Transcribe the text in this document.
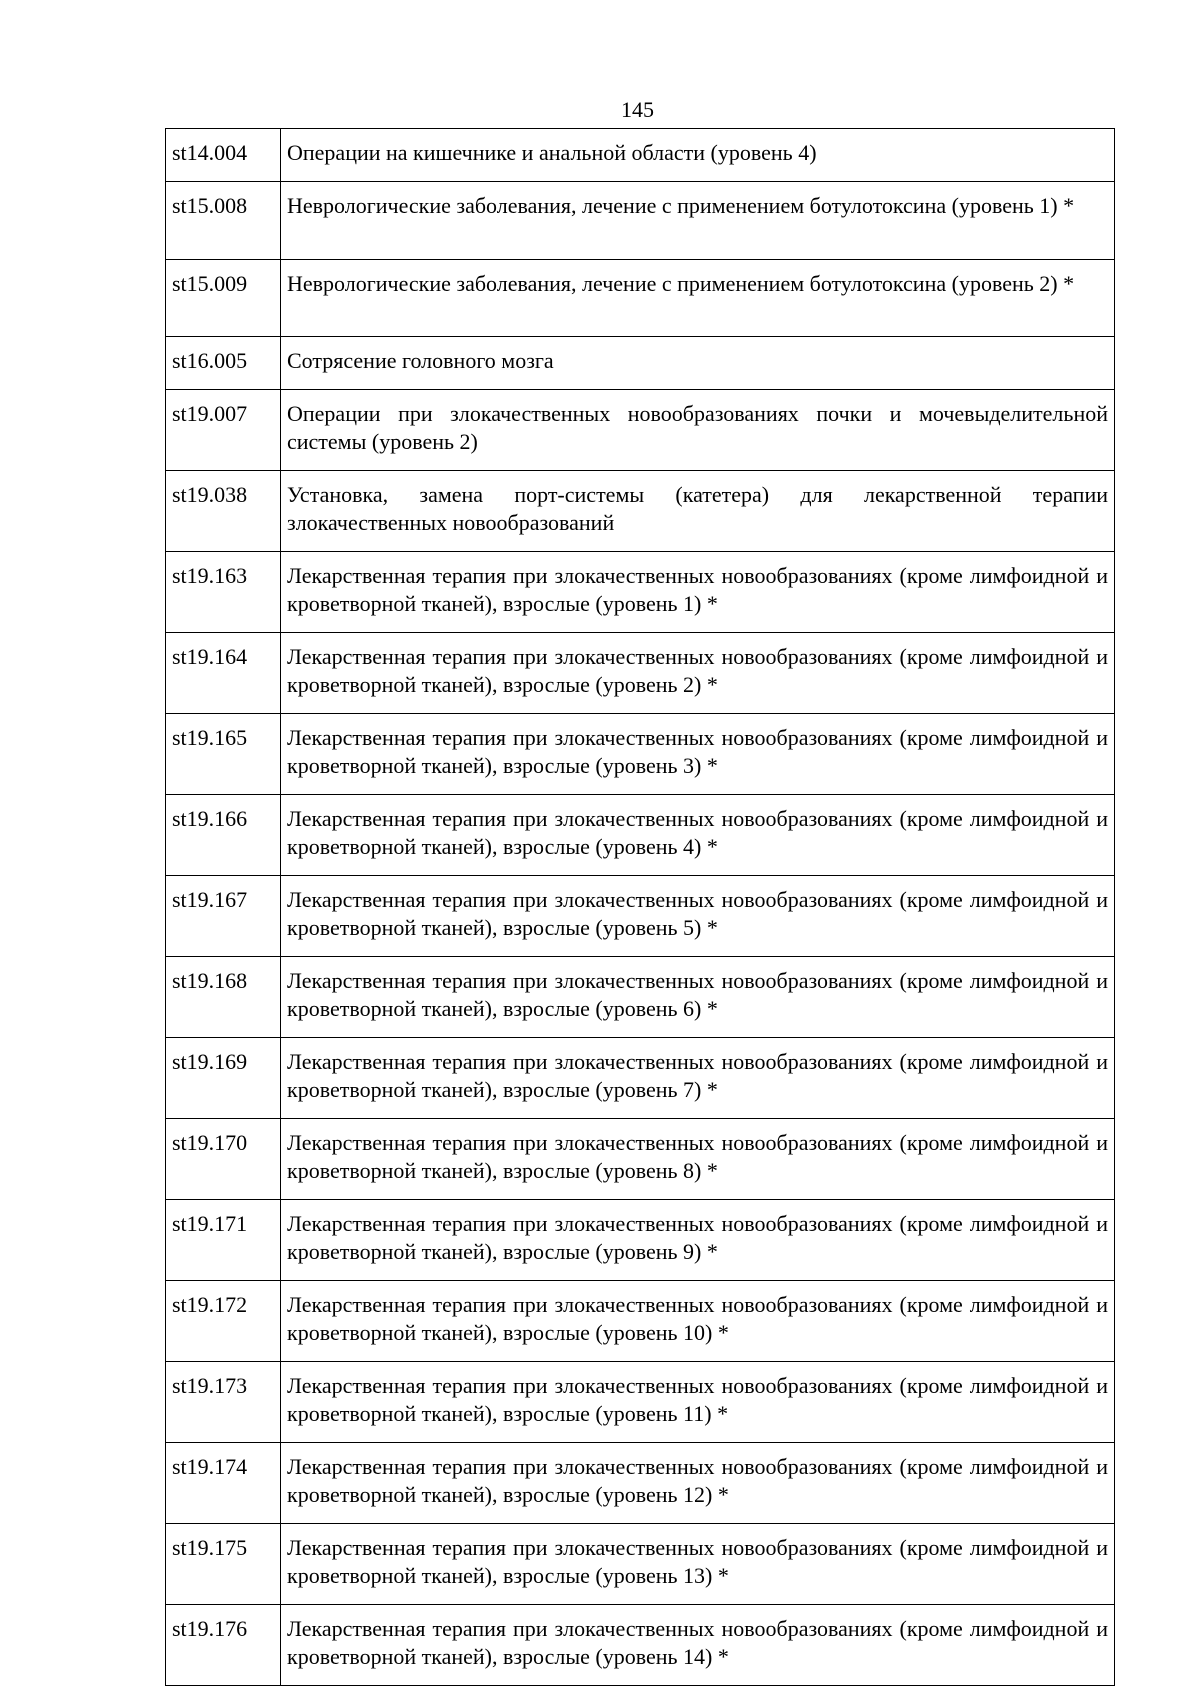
145
st14.004	Операции на кишечнике и анальной области (уровень 4)
st15.008	Неврологические заболевания, лечение с применением ботулотоксина (уровень 1) *
st15.009	Неврологические заболевания, лечение с применением ботулотоксина (уровень 2) *
st16.005	Сотрясение головного мозга
st19.007	Операции при злокачественных новообразованиях почки и мочевыделительной системы (уровень 2)
st19.038	Установка, замена порт-системы (катетера) для лекарственной терапии злокачественных новообразований
st19.163	Лекарственная терапия при злокачественных новообразованиях (кроме лимфоидной и кроветворной тканей), взрослые (уровень 1) *
st19.164	Лекарственная терапия при злокачественных новообразованиях (кроме лимфоидной и кроветворной тканей), взрослые (уровень 2) *
st19.165	Лекарственная терапия при злокачественных новообразованиях (кроме лимфоидной и кроветворной тканей), взрослые (уровень 3) *
st19.166	Лекарственная терапия при злокачественных новообразованиях (кроме лимфоидной и кроветворной тканей), взрослые (уровень 4) *
st19.167	Лекарственная терапия при злокачественных новообразованиях (кроме лимфоидной и кроветворной тканей), взрослые (уровень 5) *
st19.168	Лекарственная терапия при злокачественных новообразованиях (кроме лимфоидной и кроветворной тканей), взрослые (уровень 6) *
st19.169	Лекарственная терапия при злокачественных новообразованиях (кроме лимфоидной и кроветворной тканей), взрослые (уровень 7) *
st19.170	Лекарственная терапия при злокачественных новообразованиях (кроме лимфоидной и кроветворной тканей), взрослые (уровень 8) *
st19.171	Лекарственная терапия при злокачественных новообразованиях (кроме лимфоидной и кроветворной тканей), взрослые (уровень 9) *
st19.172	Лекарственная терапия при злокачественных новообразованиях (кроме лимфоидной и кроветворной тканей), взрослые (уровень 10) *
st19.173	Лекарственная терапия при злокачественных новообразованиях (кроме лимфоидной и кроветворной тканей), взрослые (уровень 11) *
st19.174	Лекарственная терапия при злокачественных новообразованиях (кроме лимфоидной и кроветворной тканей), взрослые (уровень 12) *
st19.175	Лекарственная терапия при злокачественных новообразованиях (кроме лимфоидной и кроветворной тканей), взрослые (уровень 13) *
st19.176	Лекарственная терапия при злокачественных новообразованиях (кроме лимфоидной и кроветворной тканей), взрослые (уровень 14) *
